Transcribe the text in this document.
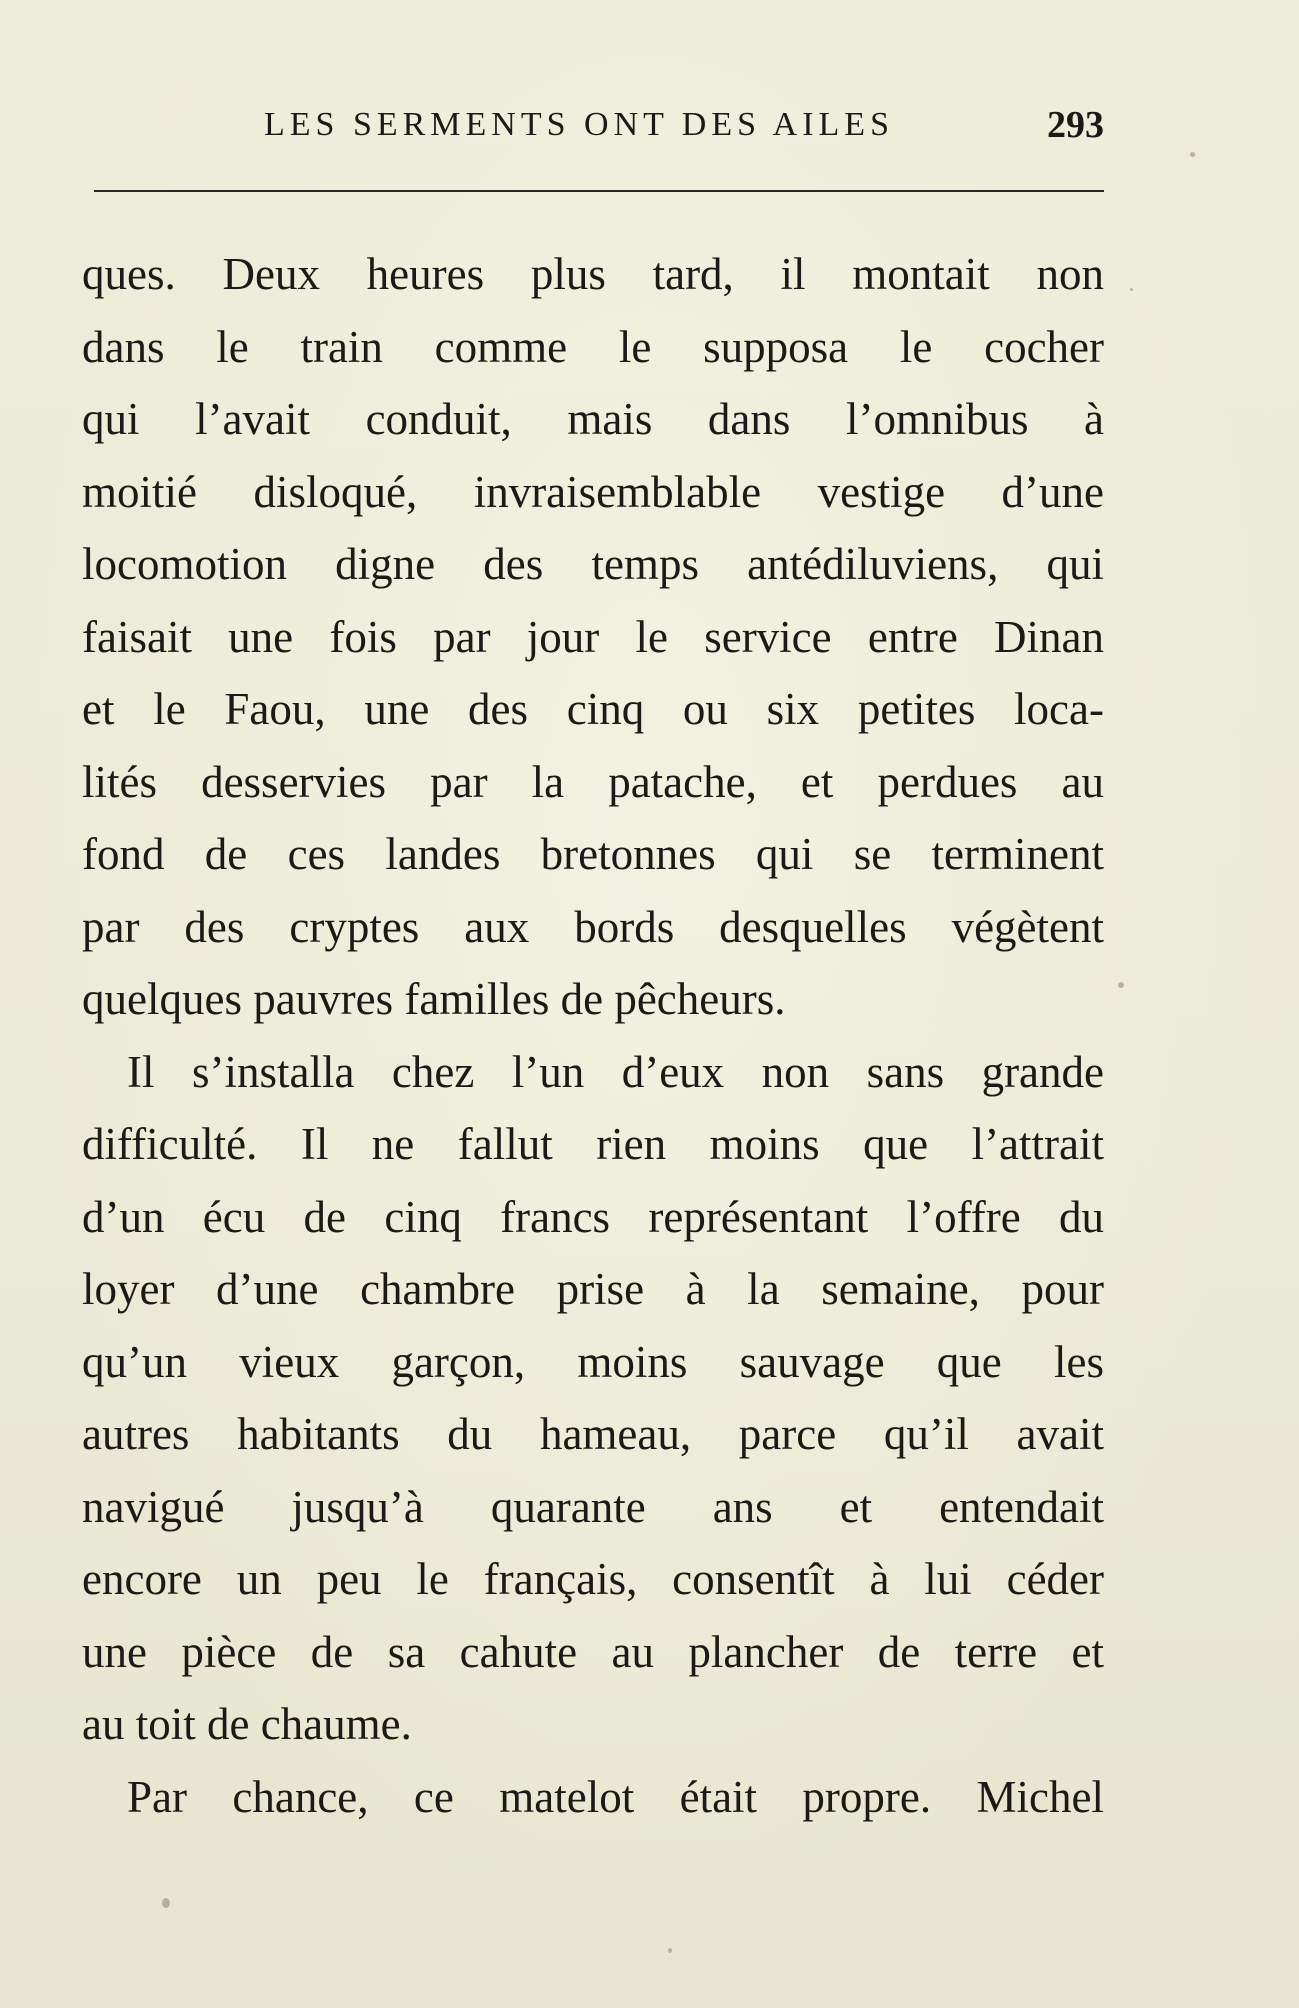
LES SERMENTS ONT DES AILES	293
ques. Deux heures plus tard, il montait non
dans le train comme le supposa le cocher
qui l’avait conduit, mais dans l’omnibus à
moitié disloqué, invraisemblable vestige d’une
locomotion digne des temps antédiluviens, qui
faisait une fois par jour le service entre Dinan
et le Faou, une des cinq ou six petites loca-
lités desservies par la patache, et perdues au
fond de ces landes bretonnes qui se terminent
par des cryptes aux bords desquelles végètent
quelques pauvres familles de pêcheurs.
Il s’installa chez l’un d’eux non sans grande
difficulté. Il ne fallut rien moins que l’attrait
d’un écu de cinq francs représentant l’offre du
loyer d’une chambre prise à la semaine, pour
qu’un vieux garçon, moins sauvage que les
autres habitants du hameau, parce qu’il avait
navigué jusqu’à quarante ans et entendait
encore un peu le français, consentît à lui céder
une pièce de sa cahute au plancher de terre et
au toit de chaume.
Par chance, ce matelot était propre. Michel
